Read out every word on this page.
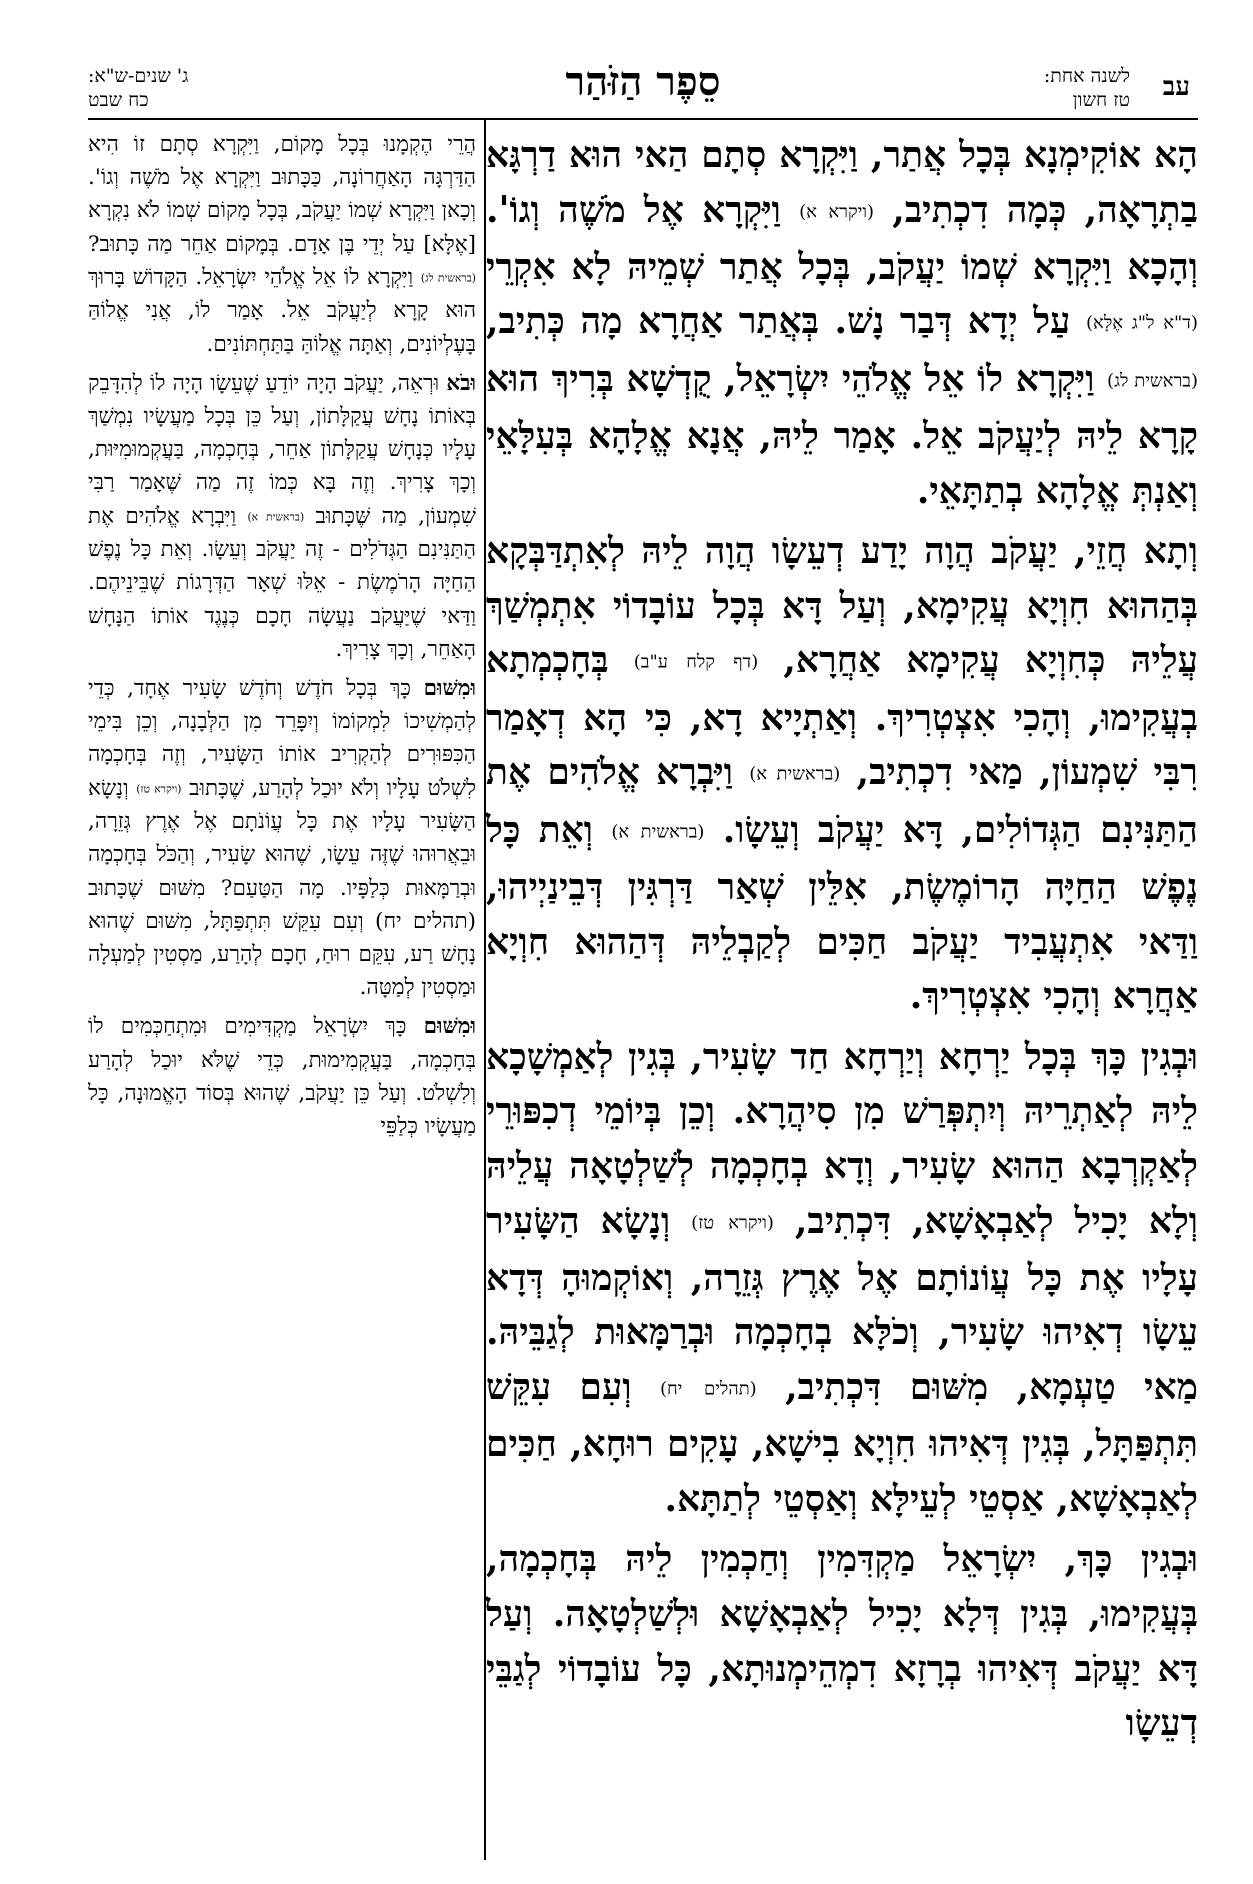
עב
לשנה אחת:
טז חשון
סֵפֶר הַזֹּהַר
ג' שנים-ש"א:
כח שבט

הָא אוֹקִימְנָא בְּכָל אֲתַר, וַיִּקְרָא סְתָם הַאי הוּא דַרְגָּא בַתְרָאָה, כְּמָה דִכְתִיב, (ויקרא א) וַיִּקְרָא אֶל מֹשֶׁה וְגוֹ'. וְהָכָא וַיִּקְרָא שְׁמוֹ יַעֲקֹב, בְּכָל אֲתַר שְׁמֵיהּ לָא אִקְרֵי (ד"א ל"ג אֶלָּא) עַל יְדָא דְּבַר נָשׁ. בְּאֲתַר אַחֲרָא מָה כְּתִיב, (בראשית לג) וַיִּקְרָא לוֹ אֵל אֱלֹהֵי יִשְׂרָאֵל, קֻדְשָׁא בְּרִיךְ הוּא קָרָא לֵיהּ לְיַעֲקֹב אֵל. אָמַר לֵיהּ, אֲנָא אֱלָהָא בְּעִלָּאֵי וְאַנְתְּ אֱלָהָא בְתַתָּאֵי.

וְתָא חֲזֵי, יַעֲקֹב הֲוָה יָדַע דְעֵשָׂו הֲוָה לֵיהּ לְאִתְדַּבְּקָא בְּהַהוּא חִוְיָא עֲקִימָא, וְעַל דָּא בְּכָל עוֹבָדוֹי אִתְמְשַׁךְ עֲלֵיהּ כְּחִוְיָא עֲקִימָא אַחֲרָא, (דף קלח ע"ב) בְּחָכְמְתָא בְעֲקִימוּ, וְהָכִי אִצְטְרִיךְ. וְאַתְיָיא דָא, כִּי הָא דְאָמַר רִבִּי שִׁמְעוֹן, מַאי דִכְתִיב, (בראשית א) וַיִּבְרָא אֱלֹהִים אֶת הַתַּנִּינִם הַגְּדוֹלִים, דָּא יַעֲקֹב וְעֵשָׂו. (בראשית א) וְאֵת כָּל נֶפֶשׁ הַחַיָּה הָרוֹמֶשֶׂת, אִלֵּין שְׁאַר דַּרְגִּין דְּבֵינַיְיהוּ, וַדַּאי אִתְעֲבִיד יַעֲקֹב חַכִּים לְקַבְלֵיהּ דְּהַהוּא חִוְיָא אַחֲרָא וְהָכִי אִצְטְרִיךְ.

וּבְגִין כָּךְ בְּכָל יַרְחָא וְיַרְחָא חַד שָׂעִיר, בְּגִין לְאַמְשָׁכָא לֵיהּ לְאַתְרֵיהּ וְיִתְפְּרַשׁ מִן סִיהֲרָא. וְכֵן בְּיוֹמֵי דְכִפּוּרֵי לְאַקְרְבָא הַהוּא שָׂעִיר, וְדָא בְחָכְמָה לְשַׁלְטָאָה עֲלֵיהּ וְלָא יָכִיל לְאַבְאָשָׁא, דִּכְתִיב, (ויקרא טז) וְנָשָׂא הַשָּׂעִיר עָלָיו אֶת כָּל עֲוֹנוֹתָם אֶל אֶרֶץ גְּזֵרָה, וְאוֹקְמוּהָ דְּדָא עֵשָׂו דְאִיהוּ שָׂעִיר, וְכֹלָּא בְחָכְמָה וּבְרַמָּאוּת לְגַבֵּיהּ. מַאי טַעְמָא, מִשּׁוּם דִּכְתִיב, (תהלים יח) וְעִם עִקֵּשׁ תִּתְפַּתָּל, בְּגִין דְּאִיהוּ חִוְיָא בִישָׁא, עָקִים רוּחָא, חַכִּים לְאַבְאָשָׁא, אַסְטֵי לְעֵילָּא וְאַסְטֵי לְתַתָּא.

וּבְגִין כָּךְ, יִשְׂרָאֵל מַקְדִּמִין וְחַכְמִין לֵיהּ בְּחָכְמָה, בְּעֲקִימוּ, בְּגִין דְּלָא יָכִיל לְאַבְאָשָׁא וּלְשַׁלְטָאָה. וְעַל דָּא יַעֲקֹב דְּאִיהוּ בְרָזָא דִמְהֵימְנוּתָא, כָּל עוֹבָדוֹי לְגַבֵּי דְעֵשָׂו

הֲרֵי הֶקְמָנוּ בְּכָל מָקוֹם, וַיִּקְרָא סְתָם זוֹ הִיא הַדַּרְגָּה הָאַחֲרוֹנָה, כַּכָּתוּב וַיִּקְרָא אֶל מֹשֶׁה וְגוֹ'. וְכָאן וַיִּקְרָא שְׁמוֹ יַעֲקֹב, בְּכָל מָקוֹם שְׁמוֹ לֹא נִקְרָא [אֶלָּא] עַל יְדֵי בֶּן אָדָם. בְּמָקוֹם אַחֵר מַה כָּתוּב? (בראשית לג) וַיִּקְרָא לוֹ אֵל אֱלֹהֵי יִשְׂרָאֵל. הַקָּדוֹשׁ בָּרוּךְ הוּא קָרָא לְיַעֲקֹב אֵל. אָמַר לוֹ, אֲנִי אֱלוֹהַּ בָּעֶלְיוֹנִים, וְאַתָּה אֱלוֹהַּ בַּתַּחְתּוֹנִים.

וּבֹא וּרְאֵה, יַעֲקֹב הָיָה יוֹדֵעַ שֶׁעֵשָׂו הָיָה לוֹ לְהִדָּבֵק בְּאוֹתוֹ נָחָשׁ עֲקַלָּתוֹן, וְעַל כֵּן בְּכָל מַעֲשָׂיו נִמְשַׁךְ עָלָיו כְּנָחָשׁ עֲקַלָּתוֹן אַחֵר, בְּחָכְמָה, בַּעֲקְמוּמִיּוּת, וְכָךְ צָרִיךְ. וְזֶה בָּא כְּמוֹ זֶה מַה שֶּׁאָמַר רַבִּי שִׁמְעוֹן, מַה שֶּׁכָּתוּב (בראשית א) וַיִּבְרָא אֱלֹהִים אֶת הַתַּנִּינִם הַגְּדֹלִים - זֶה יַעֲקֹב וְעֵשָׂו. וְאֵת כָּל נֶפֶשׁ הַחַיָּה הָרֹמֶשֶׂת - אֵלּוּ שְׁאָר הַדְּרָגוֹת שֶׁבֵּינֵיהֶם. וַדַּאי שֶׁיַּעֲקֹב נַעֲשָׂה חָכָם כְּנֶגֶד אוֹתוֹ הַנָּחָשׁ הָאַחֵר, וְכָךְ צָרִיךְ.

וּמִשּׁוּם כָּךְ בְּכָל חֹדֶשׁ וְחֹדֶשׁ שָׂעִיר אֶחָד, כְּדֵי לְהַמְשִׁיכוֹ לִמְקוֹמוֹ וְיִפָּרֵד מִן הַלְּבָנָה, וְכֵן בִּימֵי הַכִּפּוּרִים לְהַקְרִיב אוֹתוֹ הַשָּׂעִיר, וְזֶה בְּחָכְמָה לִשְׁלֹט עָלָיו וְלֹא יוּכַל לְהָרַע, שֶׁכָּתוּב (ויקרא טז) וְנָשָׂא הַשָּׂעִיר עָלָיו אֶת כָּל עֲוֹנֹתָם אֶל אֶרֶץ גְּזֵרָה, וּבֵאֲרוּהוּ שֶׁזֶּה עֵשָׂו, שֶׁהוּא שָׂעִיר, וְהַכֹּל בְּחָכְמָה וּבְרַמָּאוּת כְּלַפָּיו. מָה הַטַּעַם? מִשּׁוּם שֶׁכָּתוּב (תהלים יח) וְעִם עִקֵּשׁ תִּתְפַּתָּל, מִשּׁוּם שֶׁהוּא נָחָשׁ רַע, עִקֵּם רוּחַ, חָכָם לְהָרַע, מַסְטִין לְמַעְלָה וּמַסְטִין לְמַטָּה.

וּמִשּׁוּם כָּךְ יִשְׂרָאֵל מַקְדִּימִים וּמִתְחַכְּמִים לוֹ בְּחָכְמָה, בַּעֲקְמִימוּת, כְּדֵי שֶׁלֹּא יוּכַל לְהָרַע וְלִשְׁלֹט. וְעַל כֵּן יַעֲקֹב, שֶׁהוּא בְּסוֹד הָאֱמוּנָה, כָּל מַעֲשָׂיו כְּלַפֵּי
